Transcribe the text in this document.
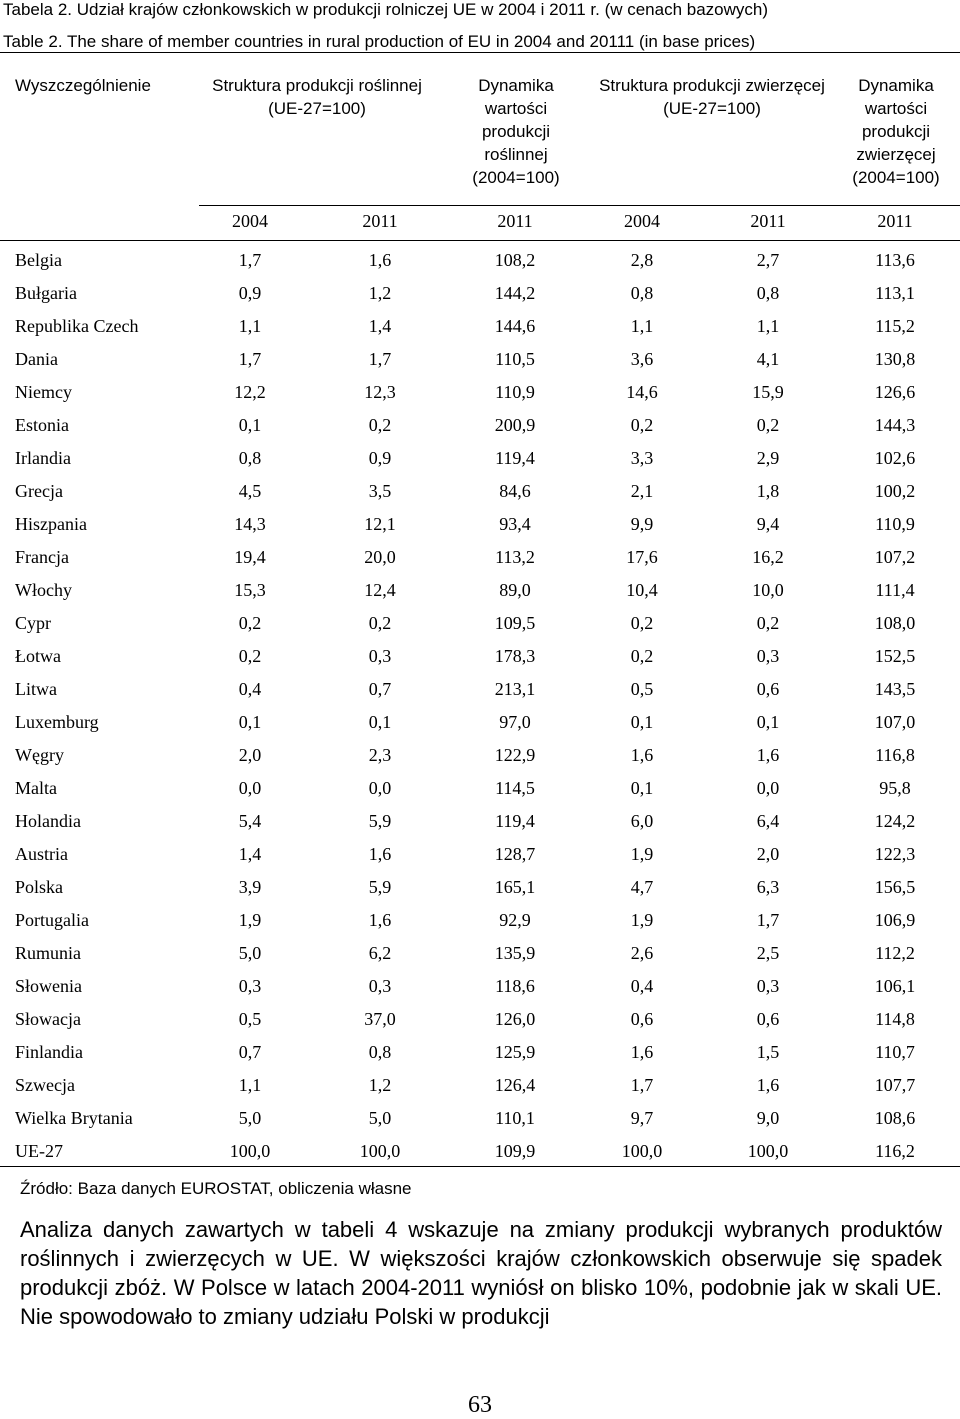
Tabela 2. Udział krajów członkowskich w produkcji rolniczej UE w 2004 i 2011 r. (w cenach bazowych)
Table 2. The share of member countries in rural production of EU in 2004 and 20111 (in base prices)
Wyszczególnienie	Struktura produkcji roślinnej (UE-27=100)
Dynamika wartości produkcji roślinnej (2004=100)
Struktura produkcji zwierzęcej (UE-27=100)
Dynamika wartości produkcji zwierzęcej (2004=100)
2004	2011	2011	2004	2011	2011
Belgia	1,7	1,6	108,2	2,8	2,7	113,6
Bułgaria	0,9	1,2	144,2	0,8	0,8	113,1
Republika Czech	1,1	1,4	144,6	1,1	1,1	115,2
Dania	1,7	1,7	110,5	3,6	4,1	130,8
Niemcy	12,2	12,3	110,9	14,6	15,9	126,6
Estonia	0,1	0,2	200,9	0,2	0,2	144,3
Irlandia	0,8	0,9	119,4	3,3	2,9	102,6
Grecja	4,5	3,5	84,6	2,1	1,8	100,2
Hiszpania	14,3	12,1	93,4	9,9	9,4	110,9
Francja	19,4	20,0	113,2	17,6	16,2	107,2
Włochy	15,3	12,4	89,0	10,4	10,0	111,4
Cypr	0,2	0,2	109,5	0,2	0,2	108,0
Łotwa	0,2	0,3	178,3	0,2	0,3	152,5
Litwa	0,4	0,7	213,1	0,5	0,6	143,5
Luxemburg	0,1	0,1	97,0	0,1	0,1	107,0
Węgry	2,0	2,3	122,9	1,6	1,6	116,8
Malta	0,0	0,0	114,5	0,1	0,0	95,8
Holandia	5,4	5,9	119,4	6,0	6,4	124,2
Austria	1,4	1,6	128,7	1,9	2,0	122,3
Polska	3,9	5,9	165,1	4,7	6,3	156,5
Portugalia	1,9	1,6	92,9	1,9	1,7	106,9
Rumunia	5,0	6,2	135,9	2,6	2,5	112,2
Słowenia	0,3	0,3	118,6	0,4	0,3	106,1
Słowacja	0,5	37,0	126,0	0,6	0,6	114,8
Finlandia	0,7	0,8	125,9	1,6	1,5	110,7
Szwecja	1,1	1,2	126,4	1,7	1,6	107,7
Wielka Brytania	5,0	5,0	110,1	9,7	9,0	108,6
UE-27	100,0	100,0	109,9	100,0	100,0	116,2
Źródło: Baza danych EUROSTAT, obliczenia własne
Analiza danych zawartych w tabeli 4 wskazuje na zmiany produkcji wybranych produktów roślinnych i zwierzęcych w UE. W większości krajów członkowskich obserwuje się spadek produkcji zbóż. W Polsce w latach 2004-2011 wyniósł on blisko 10%, podobnie jak w skali UE. Nie spowodowało to zmiany udziału Polski w produkcji
63
